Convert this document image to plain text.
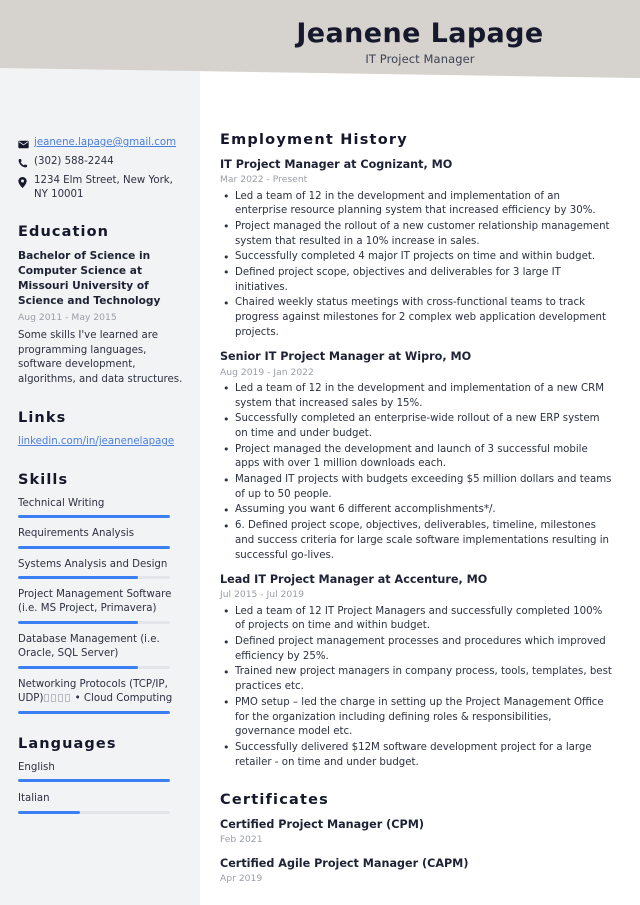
Jeanene Lapage
IT Project Manager
jeanene.lapage@gmail.com
(302) 588-2244
1234 Elm Street, New York, NY 10001
Education
Bachelor of Science in Computer Science at Missouri University of Science and Technology
Aug 2011 - May 2015
Some skills I've learned are programming languages, software development, algorithms, and data structures.
Links
linkedin.com/in/jeanenelapage
Skills
Technical Writing
Requirements Analysis
Systems Analysis and Design
Project Management Software (i.e. MS Project, Primavera)
Database Management (i.e. Oracle, SQL Server)
Networking Protocols (TCP/IP, UDP)	• Cloud Computing
Languages
English
Italian
Employment History
IT Project Manager at Cognizant, MO
Mar 2022 - Present
• Led a team of 12 in the development and implementation of an enterprise resource planning system that increased efficiency by 30%.
• Project managed the rollout of a new customer relationship management system that resulted in a 10% increase in sales.
• Successfully completed 4 major IT projects on time and within budget.
• Defined project scope, objectives and deliverables for 3 large IT initiatives.
• Chaired weekly status meetings with cross-functional teams to track progress against milestones for 2 complex web application development projects.
Senior IT Project Manager at Wipro, MO
Aug 2019 - Jan 2022
• Led a team of 12 in the development and implementation of a new CRM system that increased sales by 15%.
• Successfully completed an enterprise-wide rollout of a new ERP system on time and under budget.
• Project managed the development and launch of 3 successful mobile apps with over 1 million downloads each.
• Managed IT projects with budgets exceeding $5 million dollars and teams of up to 50 people.
• Assuming you want 6 different accomplishments*/.
• 6. Defined project scope, objectives, deliverables, timeline, milestones and success criteria for large scale software implementations resulting in successful go-lives.
Lead IT Project Manager at Accenture, MO
Jul 2015 - Jul 2019
• Led a team of 12 IT Project Managers and successfully completed 100% of projects on time and within budget.
• Defined project management processes and procedures which improved efficiency by 25%.
• Trained new project managers in company process, tools, templates, best practices etc.
• PMO setup – led the charge in setting up the Project Management Office for the organization including defining roles & responsibilities, governance model etc.
• Successfully delivered $12M software development project for a large retailer - on time and under budget.
Certificates
Certified Project Manager (CPM)
Feb 2021
Certified Agile Project Manager (CAPM)
Apr 2019
